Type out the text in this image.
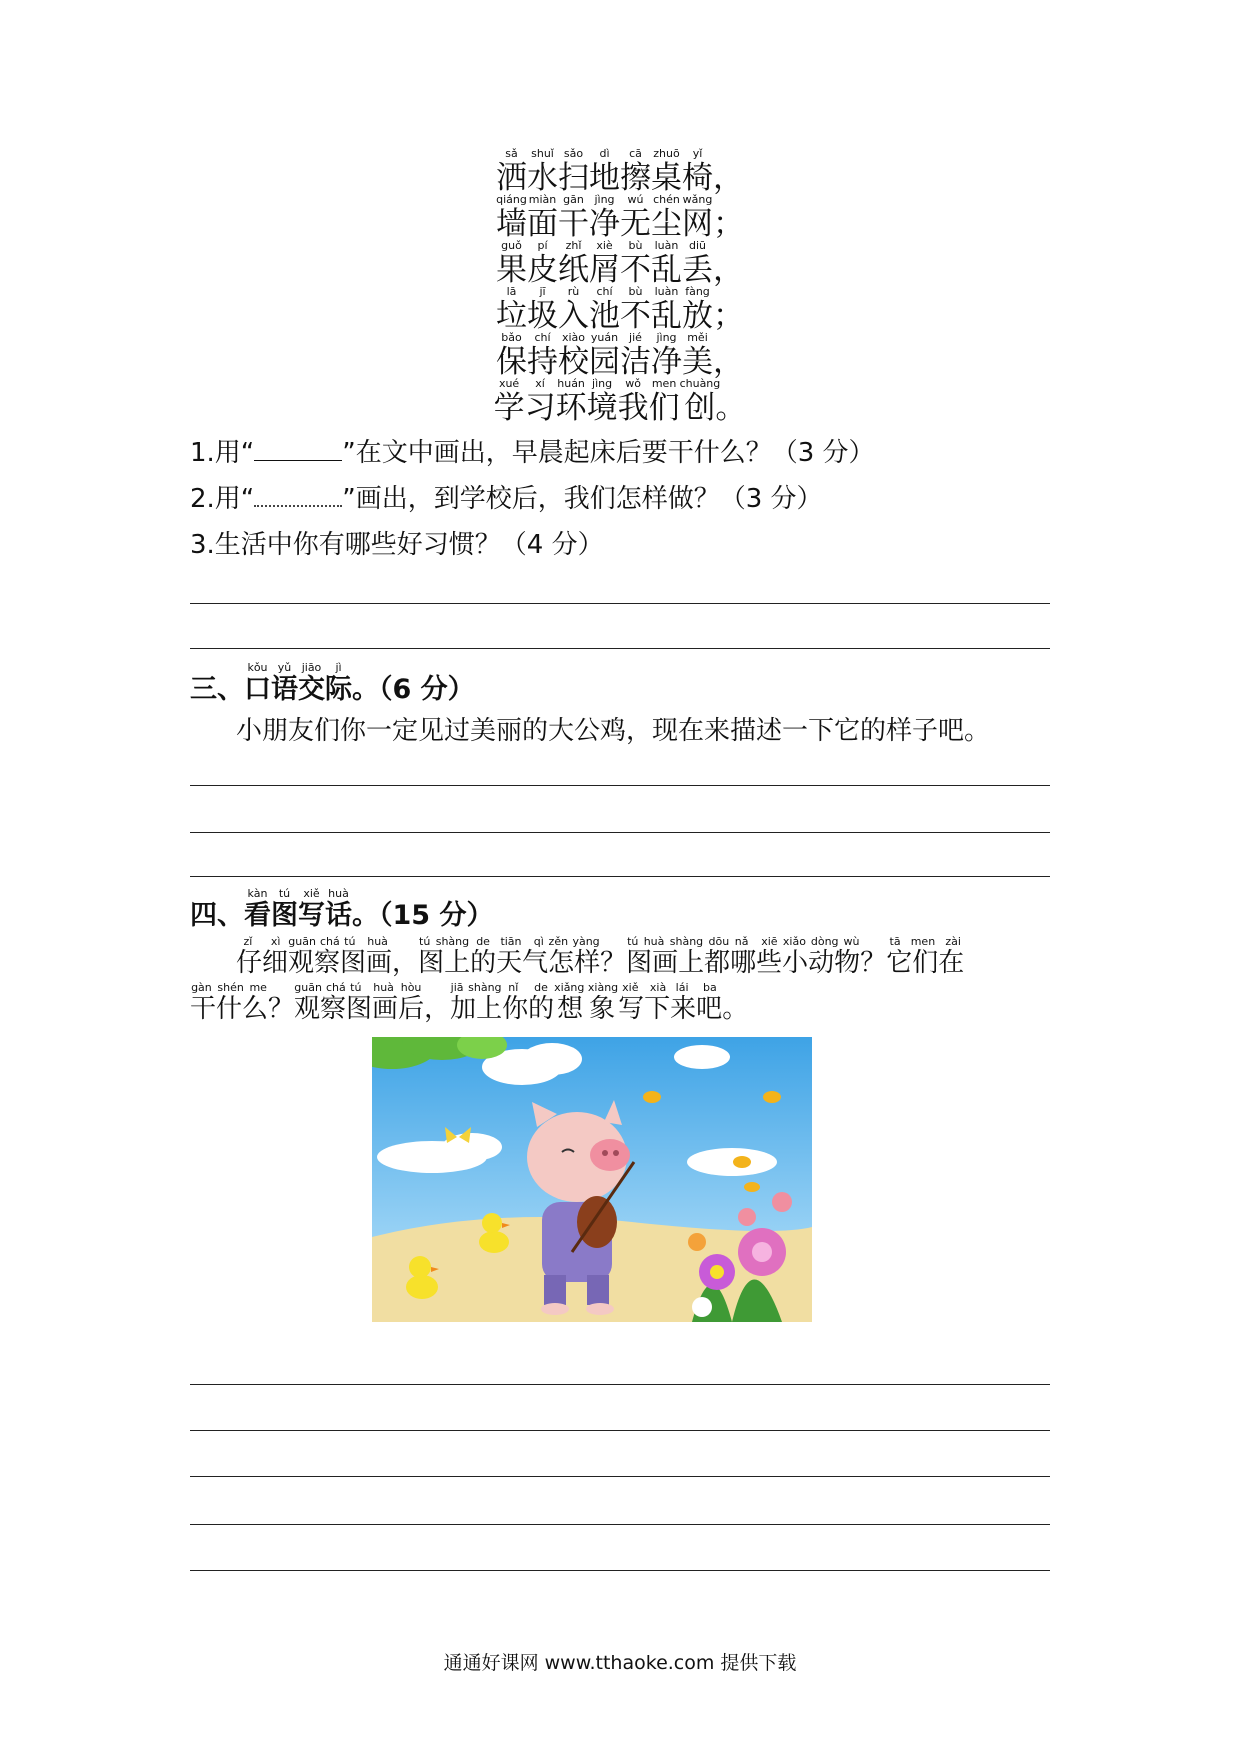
洒sǎ水shuǐ扫sǎo地dì擦cā桌zhuō椅yǐ，
墙qiáng面miàn干gān净jìng无wú尘chén网wǎng；
果guǒ皮pí纸zhǐ屑xiè不bù乱luàn丢diū，
垃lā圾jī入rù池chí不bù乱luàn放fàng；
保bǎo持chí校xiào园yuán洁jié净jìng美měi，
学xué习xí环huán境jìng我wǒ们men创chuàng。
1.用“	”在文中画出，早晨起床后要干什么？（3 分）
2.用“	”画出，到学校后，我们怎样做？（3 分）
3.生活中你有哪些好习惯？（4 分）
三、口kǒu语yǔ交jiāo际jì。（6 分）
小朋友们你一定见过美丽的大公鸡，现在来描述一下它的样子吧。
四、看kàn图tú写xiě话huà。（15 分）
仔细zǐ xì观察guān chá图画tú huà，图上tú shàng的de天气tiān qì怎样zěn yàng？图画上都tú huà shàng dōu哪些nǎ xiē小动物xiǎo dòng wù？它们在tā men zài
干什么gàn shén me？观察guān chá图画tú huà后hòu，加上jiā shàng你的nǐ de想象xiǎng xiàng写下xiě xià来吧lái ba。
通通好课网 www.tthaoke.com 提供下载
